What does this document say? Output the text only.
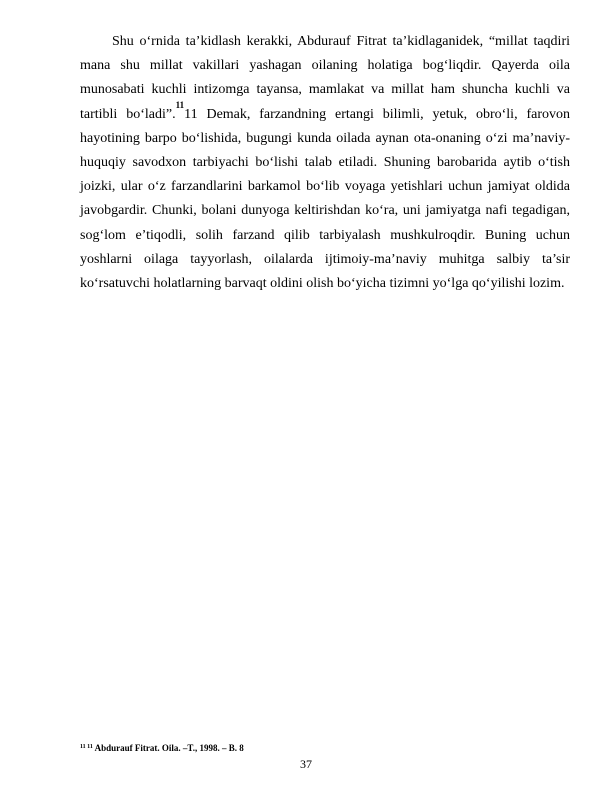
Shu o‘rnida ta’kidlash kerakki, Abdurauf Fitrat ta’kidlaganidek, “millat taqdiri mana shu millat vakillari yashagan oilaning holatiga bog‘liqdir. Qayerda oila munosabati kuchli intizomga tayansa, mamlakat va millat ham shuncha kuchli va tartibli bo‘ladi”.$^{11}$11 Demak, farzandning ertangi bilimli, yetuk, obro‘li, farovon hayotining barpo bo‘lishida, bugungi kunda oilada aynan ota-onaning o‘zi ma’naviy-huquqiy savodxon tarbiyachi bo‘lishi talab etiladi. Shuning barobarida aytib o‘tish joizki, ular o‘z farzandlarini barkamol bo‘lib voyaga yetishlari uchun jamiyat oldida javobgardir. Chunki, bolani dunyoga keltirishdan ko‘ra, uni jamiyatga nafi tegadigan, sog‘lom e’tiqodli, solih farzand qilib tarbiyalash mushkulroqdir. Buning uchun yoshlarni oilaga tayyorlash, oilalarda ijtimoiy-ma’naviy muhitga salbiy ta’sir ko‘rsatuvchi holatlarning barvaqt oldini olish bo‘yicha tizimni yo‘lga qo‘yilishi lozim.

$^{11 11}$ Abdurauf Fitrat. Oila. –T., 1998. – B. 8
37
